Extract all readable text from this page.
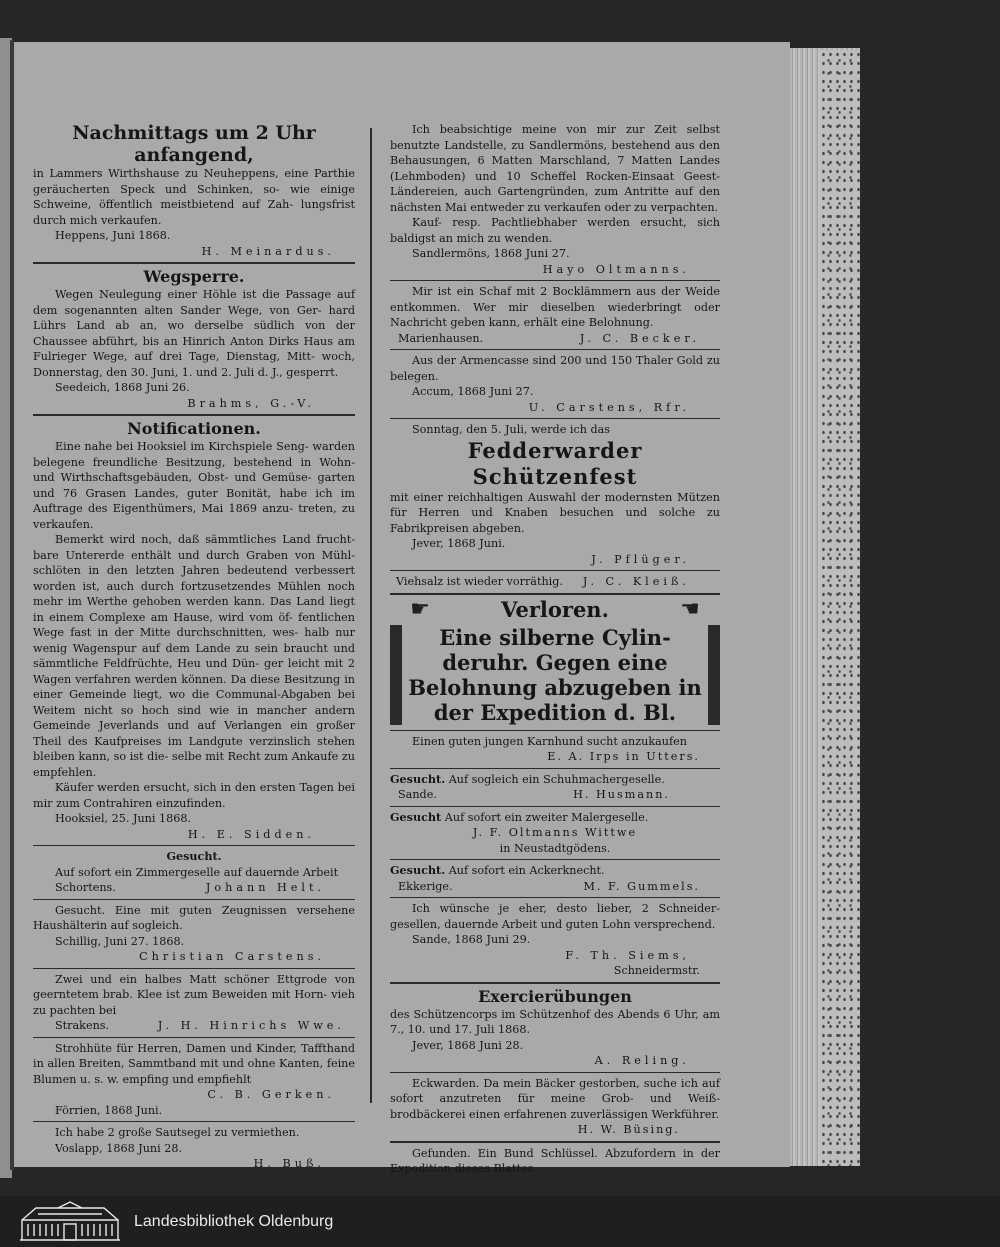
Nachmittags um 2 Uhr anfangend,

in Lammers Wirthshause zu Neuheppens, eine Parthie geräucherten Speck und Schinken, so- wie einige Schweine, öffentlich meistbietend auf Zah- lungsfrist durch mich verkaufen.

Heppens, Juni 1868.

H. Meinardus.

Wegsperre.

Wegen Neulegung einer Höhle ist die Passage auf dem sogenannten alten Sander Wege, von Ger- hard Lührs Land ab an, wo derselbe südlich von der Chaussee abführt, bis an Hinrich Anton Dirks Haus am Fulrieger Wege, auf drei Tage, Dienstag, Mitt- woch, Donnerstag, den 30. Juni, 1. und 2. Juli d. J., gesperrt.

Seedeich, 1868 Juni 26.

Brahms, G.-V.

Notificationen.

Eine nahe bei Hooksiel im Kirchspiele Seng- warden belegene freundliche Besitzung, bestehend in Wohn- und Wirthschaftsgebäuden, Obst- und Gemüse- garten und 76 Grasen Landes, guter Bonität, habe ich im Auftrage des Eigenthümers, Mai 1869 anzu- treten, zu verkaufen.

Bemerkt wird noch, daß sämmtliches Land frucht- bare Untererde enthält und durch Graben von Mühl- schlöten in den letzten Jahren bedeutend verbessert worden ist, auch durch fortzusetzendes Mühlen noch mehr im Werthe gehoben werden kann. Das Land liegt in einem Complexe am Hause, wird vom öf- fentlichen Wege fast in der Mitte durchschnitten, wes- halb nur wenig Wagenspur auf dem Lande zu sein braucht und sämmtliche Feldfrüchte, Heu und Dün- ger leicht mit 2 Wagen verfahren werden können. Da diese Besitzung in einer Gemeinde liegt, wo die Communal-Abgaben bei Weitem nicht so hoch sind wie in mancher andern Gemeinde Jeverlands und auf Verlangen ein großer Theil des Kaufpreises im Landgute verzinslich stehen bleiben kann, so ist die- selbe mit Recht zum Ankaufe zu empfehlen.

Käufer werden ersucht, sich in den ersten Tagen bei mir zum Contrahiren einzufinden.

Hooksiel, 25. Juni 1868.

H. E. Sidden.

Gesucht.

Auf sofort ein Zimmergeselle auf dauernde Arbeit

Schortens.	Johann Helt.

Gesucht. Eine mit guten Zeugnissen versehene Haushälterin auf sogleich.

Schillig, Juni 27. 1868.

Christian Carstens.

Zwei und ein halbes Matt schöner Ettgrode von geerntetem brab. Klee ist zum Beweiden mit Horn- vieh zu pachten bei

Strakens.	J. H. Hinrichs Wwe.

Strohhüte für Herren, Damen und Kinder, Taffthand in allen Breiten, Sammtband mit und ohne Kanten, feine Blumen u. s. w. empfing und empfiehlt

C. B. Gerken.

Förrien, 1868 Juni.

Ich habe 2 große Sautsegel zu vermiethen.

Voslapp, 1868 Juni 28.

H. Buß.

Ich beabsichtige meine von mir zur Zeit selbst benutzte Landstelle, zu Sandlermöns, bestehend aus den Behausungen, 6 Matten Marschland, 7 Matten Landes (Lehmboden) und 10 Scheffel Rocken-Einsaat Geest-Ländereien, auch Gartengründen, zum Antritte auf den nächsten Mai entweder zu verkaufen oder zu verpachten.

Kauf- resp. Pachtliebhaber werden ersucht, sich baldigst an mich zu wenden.

Sandlermöns, 1868 Juni 27.

Hayo Oltmanns.

Mir ist ein Schaf mit 2 Bocklämmern aus der Weide entkommen. Wer mir dieselben wiederbringt oder Nachricht geben kann, erhält eine Belohnung.

Marienhausen.	J. C. Becker.

Aus der Armencasse sind 200 und 150 Thaler Gold zu belegen.

Accum, 1868 Juni 27.

U. Carstens, Rfr.

Sonntag, den 5. Juli, werde ich das

Fedderwarder Schützenfest

mit einer reichhaltigen Auswahl der modernsten Mützen für Herren und Knaben besuchen und solche zu Fabrikpreisen abgeben.

Jever, 1868 Juni.

J. Pflüger.

Viehsalz ist wieder vorräthig. J. C. Kleiß.
☛	Verloren.	☚

Eine silberne Cylin- deruhr. Gegen eine Belohnung abzugeben in der Expedition d. Bl.

Einen guten jungen Karnhund sucht anzukaufen

E. A. Irps in Utters.

Gesucht. Auf sogleich ein Schuhmachergeselle.

Sande.	H. Husmann.

Gesucht Auf sofort ein zweiter Malergeselle.

J. F. Oltmanns Wittwe

in Neustadtgödens.

Gesucht. Auf sofort ein Ackerknecht.

Ekkerige.	M. F. Gummels.

Ich wünsche je eher, desto lieber, 2 Schneider- gesellen, dauernde Arbeit und guten Lohn versprechend.

Sande, 1868 Juni 29.

F. Th. Siems,

Schneidermstr.

Exercierübungen

des Schützencorps im Schützenhof des Abends 6 Uhr, am 7., 10. und 17. Juli 1868.

Jever, 1868 Juni 28.

A. Reling.

Eckwarden. Da mein Bäcker gestorben, suche ich auf sofort anzutreten für meine Grob- und Weiß- brodbäckerei einen erfahrenen zuverlässigen Werkführer.

H. W. Büsing.

Gefunden. Ein Bund Schlüssel. Abzufordern in der Expedition dieses Blattes.

Landesbibliothek Oldenburg
